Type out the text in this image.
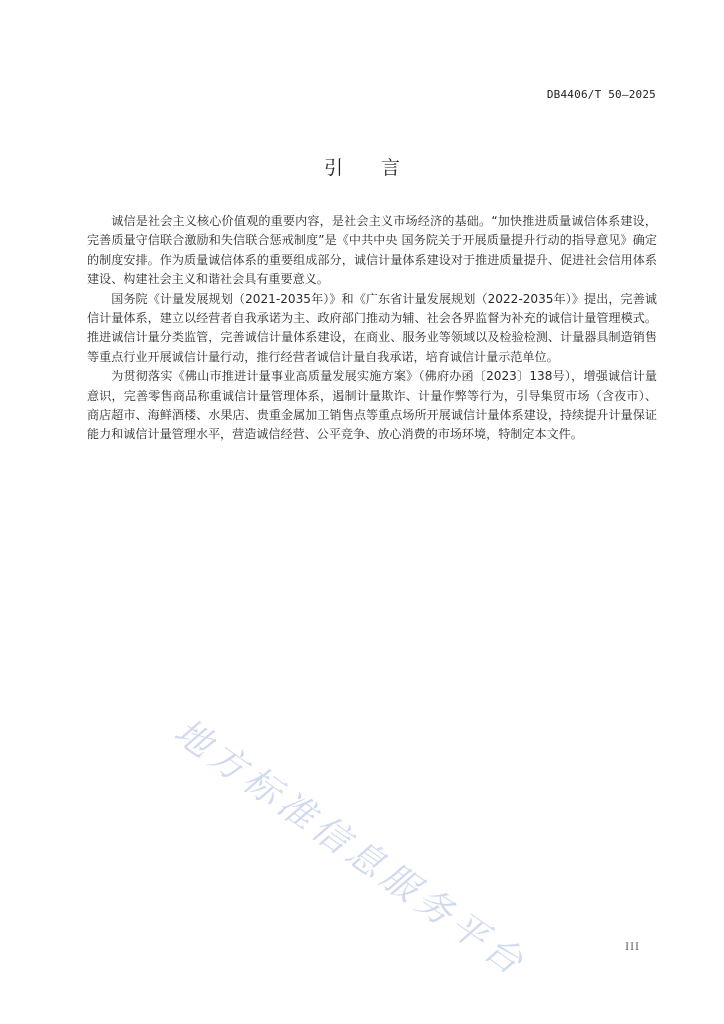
DB4406/T 50—2025
引言

诚信是社会主义核心价值观的重要内容，是社会主义市场经济的基础。“加快推进质量诚信体系建设，完善质量守信联合激励和失信联合惩戒制度”是《中共中央 国务院关于开展质量提升行动的指导意见》确定的制度安排。作为质量诚信体系的重要组成部分，诚信计量体系建设对于推进质量提升、促进社会信用体系建设、构建社会主义和谐社会具有重要意义。

国务院《计量发展规划（2021-2035年）》和《广东省计量发展规划（2022-2035年）》提出，完善诚信计量体系，建立以经营者自我承诺为主、政府部门推动为辅、社会各界监督为补充的诚信计量管理模式。推进诚信计量分类监管，完善诚信计量体系建设，在商业、服务业等领域以及检验检测、计量器具制造销售等重点行业开展诚信计量行动，推行经营者诚信计量自我承诺，培育诚信计量示范单位。

为贯彻落实《佛山市推进计量事业高质量发展实施方案》（佛府办函〔2023〕138号），增强诚信计量意识，完善零售商品称重诚信计量管理体系，遏制计量欺诈、计量作弊等行为，引导集贸市场（含夜市）、商店超市、海鲜酒楼、水果店、贵重金属加工销售点等重点场所开展诚信计量体系建设，持续提升计量保证能力和诚信计量管理水平，营造诚信经营、公平竞争、放心消费的市场环境，特制定本文件。

地方标准信息服务平台	III
